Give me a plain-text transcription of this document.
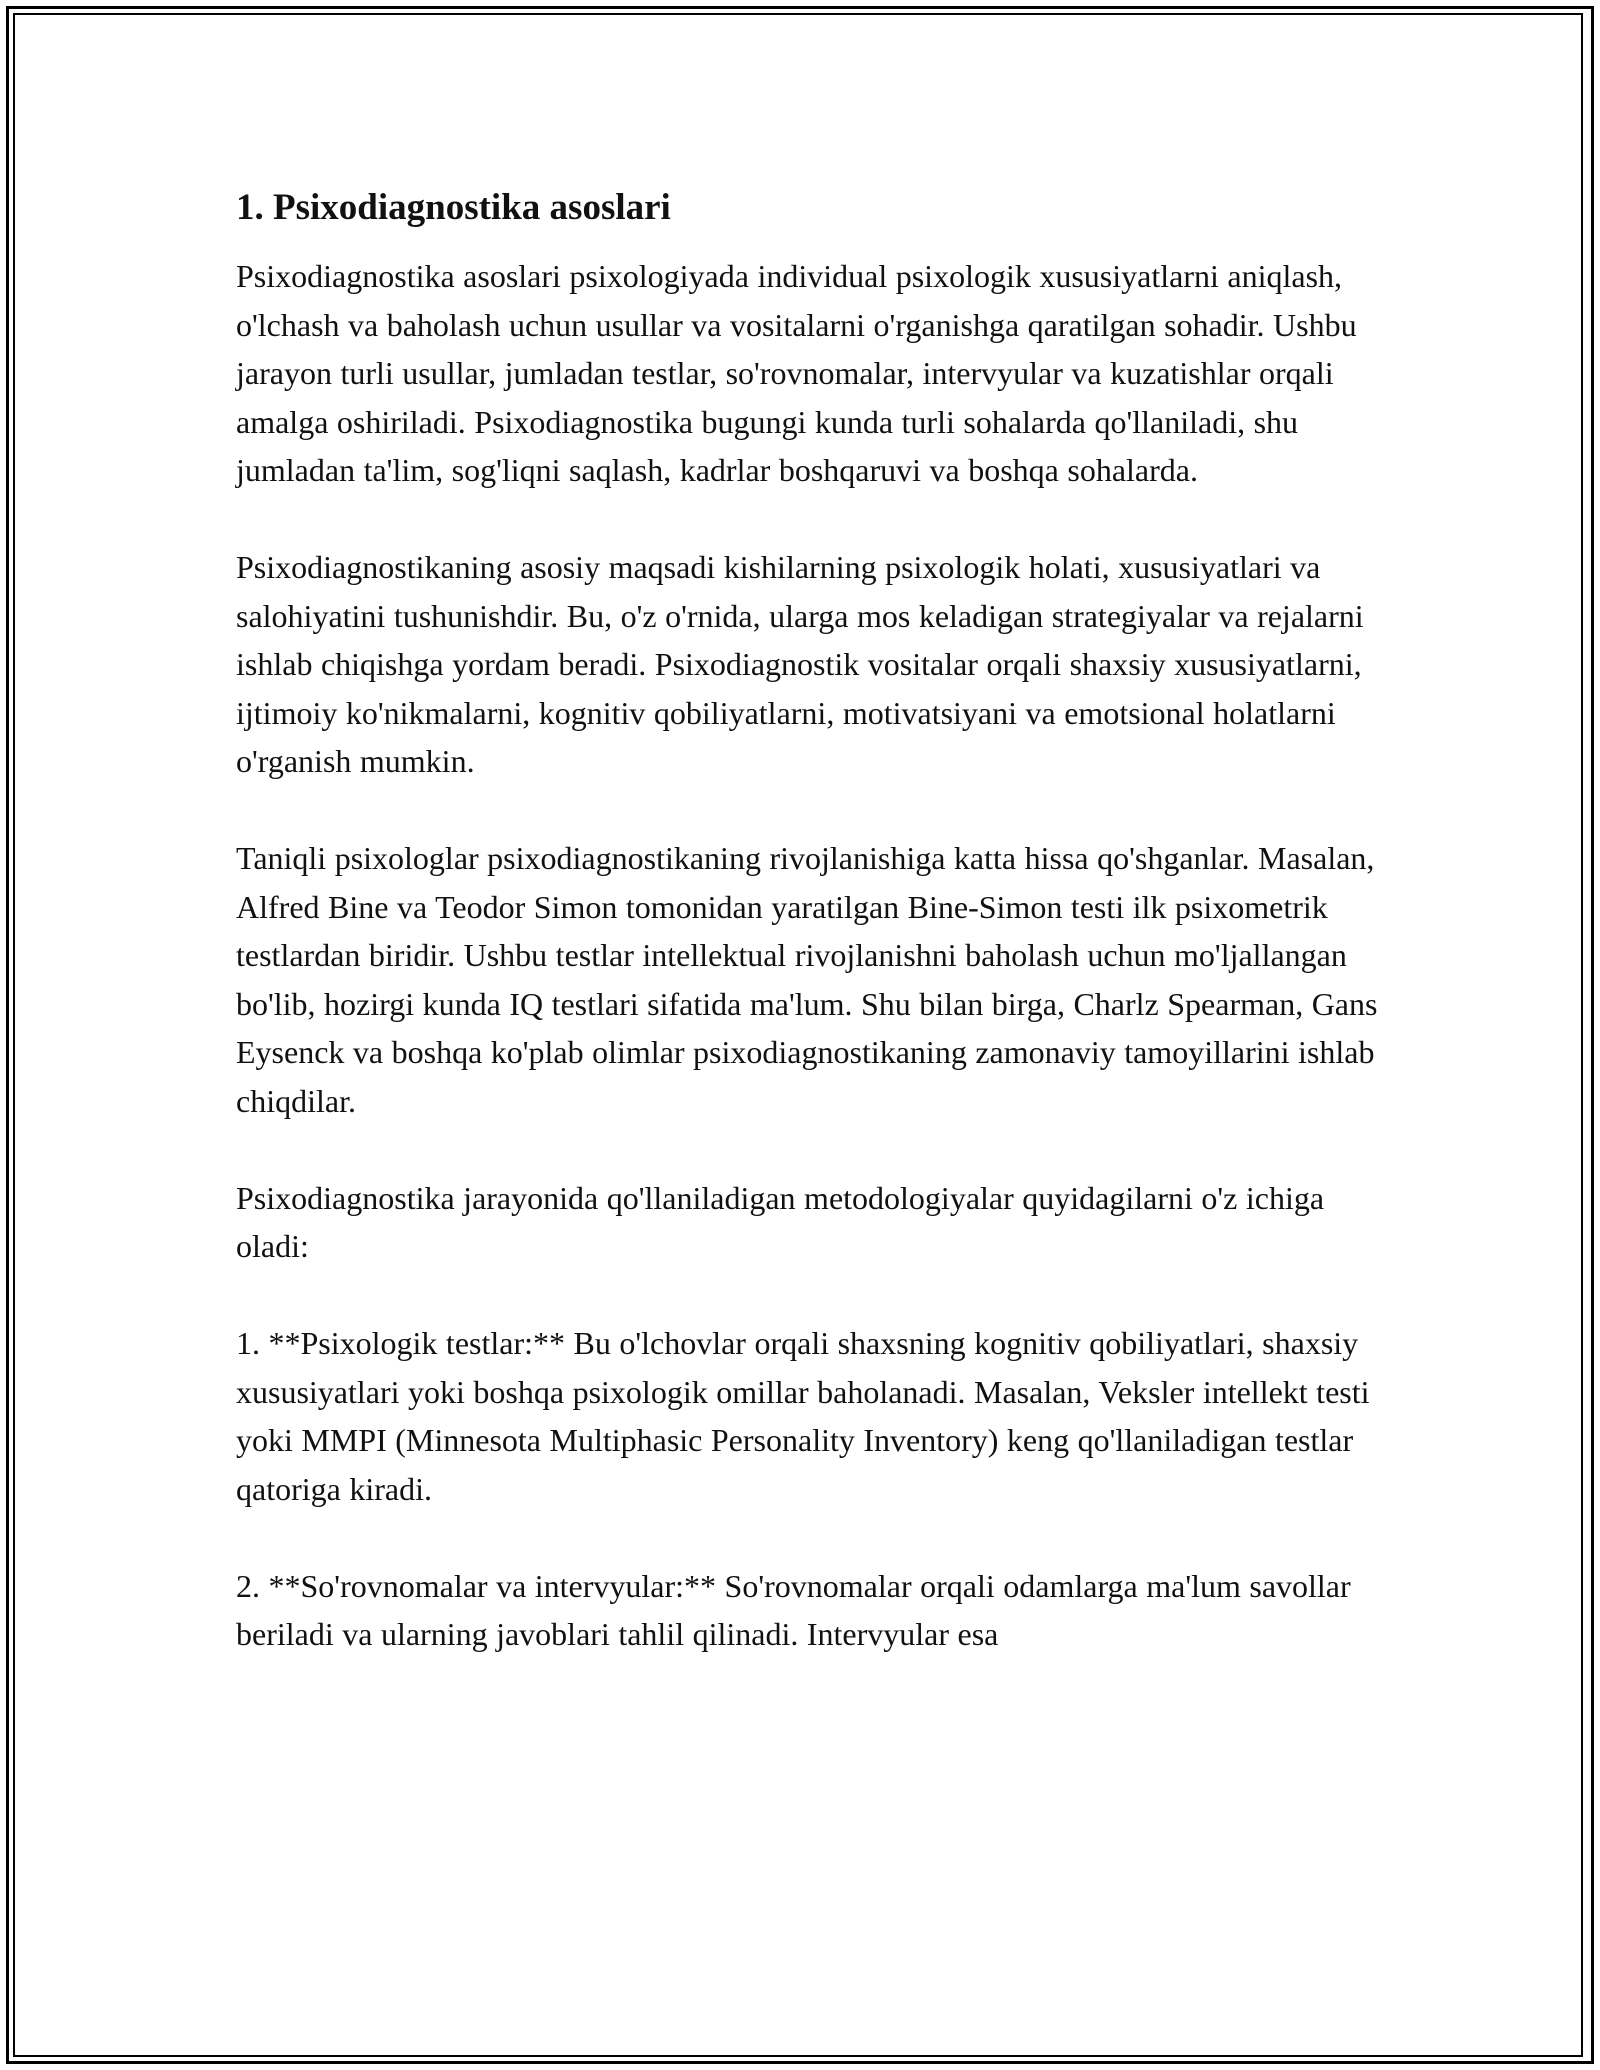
1. Psixodiagnostika asoslari

Psixodiagnostika asoslari psixologiyada individual psixologik xususiyatlarni aniqlash, o'lchash va baholash uchun usullar va vositalarni o'rganishga qaratilgan sohadir. Ushbu jarayon turli usullar, jumladan testlar, so'rovnomalar, intervyular va kuzatishlar orqali amalga oshiriladi. Psixodiagnostika bugungi kunda turli sohalarda qo'llaniladi, shu jumladan ta'lim, sog'liqni saqlash, kadrlar boshqaruvi va boshqa sohalarda.

Psixodiagnostikaning asosiy maqsadi kishilarning psixologik holati, xususiyatlari va salohiyatini tushunishdir. Bu, o'z o'rnida, ularga mos keladigan strategiyalar va rejalarni ishlab chiqishga yordam beradi. Psixodiagnostik vositalar orqali shaxsiy xususiyatlarni, ijtimoiy ko'nikmalarni, kognitiv qobiliyatlarni, motivatsiyani va emotsional holatlarni o'rganish mumkin.

Taniqli psixologlar psixodiagnostikaning rivojlanishiga katta hissa qo'shganlar. Masalan, Alfred Bine va Teodor Simon tomonidan yaratilgan Bine-Simon testi ilk psixometrik testlardan biridir. Ushbu testlar intellektual rivojlanishni baholash uchun mo'ljallangan bo'lib, hozirgi kunda IQ testlari sifatida ma'lum. Shu bilan birga, Charlz Spearman, Gans Eysenck va boshqa ko'plab olimlar psixodiagnostikaning zamonaviy tamoyillarini ishlab chiqdilar.

Psixodiagnostika jarayonida qo'llaniladigan metodologiyalar quyidagilarni o'z ichiga oladi:

1. **Psixologik testlar:** Bu o'lchovlar orqali shaxsning kognitiv qobiliyatlari, shaxsiy xususiyatlari yoki boshqa psixologik omillar baholanadi. Masalan, Veksler intellekt testi yoki MMPI (Minnesota Multiphasic Personality Inventory) keng qo'llaniladigan testlar qatoriga kiradi.

2. **So'rovnomalar va intervyular:** So'rovnomalar orqali odamlarga ma'lum savollar beriladi va ularning javoblari tahlil qilinadi. Intervyular esa
